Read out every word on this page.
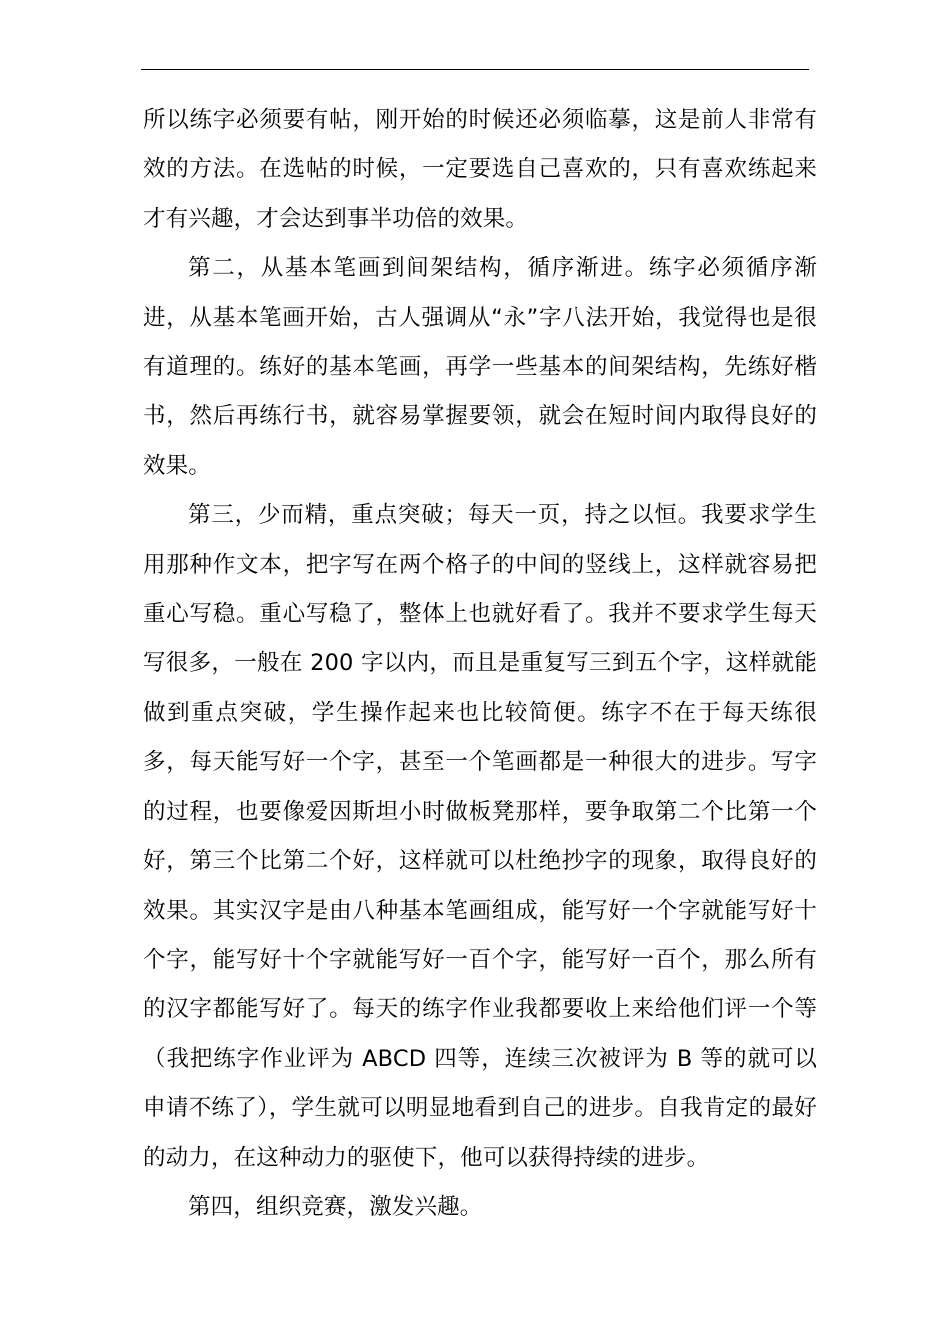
所以练字必须要有帖，刚开始的时候还必须临摹，这是前人非常有效的方法。在选帖的时候，一定要选自己喜欢的，只有喜欢练起来才有兴趣，才会达到事半功倍的效果。

第二，从基本笔画到间架结构，循序渐进。练字必须循序渐进，从基本笔画开始，古人强调从“永”字八法开始，我觉得也是很有道理的。练好的基本笔画，再学一些基本的间架结构，先练好楷书，然后再练行书，就容易掌握要领，就会在短时间内取得良好的效果。

第三，少而精，重点突破；每天一页，持之以恒。我要求学生用那种作文本，把字写在两个格子的中间的竖线上，这样就容易把重心写稳。重心写稳了，整体上也就好看了。我并不要求学生每天写很多，一般在 200 字以内，而且是重复写三到五个字，这样就能做到重点突破，学生操作起来也比较简便。练字不在于每天练很多，每天能写好一个字，甚至一个笔画都是一种很大的进步。写字的过程，也要像爱因斯坦小时做板凳那样，要争取第二个比第一个好，第三个比第二个好，这样就可以杜绝抄字的现象，取得良好的效果。其实汉字是由八种基本笔画组成，能写好一个字就能写好十个字，能写好十个字就能写好一百个字，能写好一百个，那么所有的汉字都能写好了。每天的练字作业我都要收上来给他们评一个等（我把练字作业评为 ABCD 四等，连续三次被评为 B 等的就可以申请不练了），学生就可以明显地看到自己的进步。自我肯定的最好的动力，在这种动力的驱使下，他可以获得持续的进步。

第四，组织竞赛，激发兴趣。
